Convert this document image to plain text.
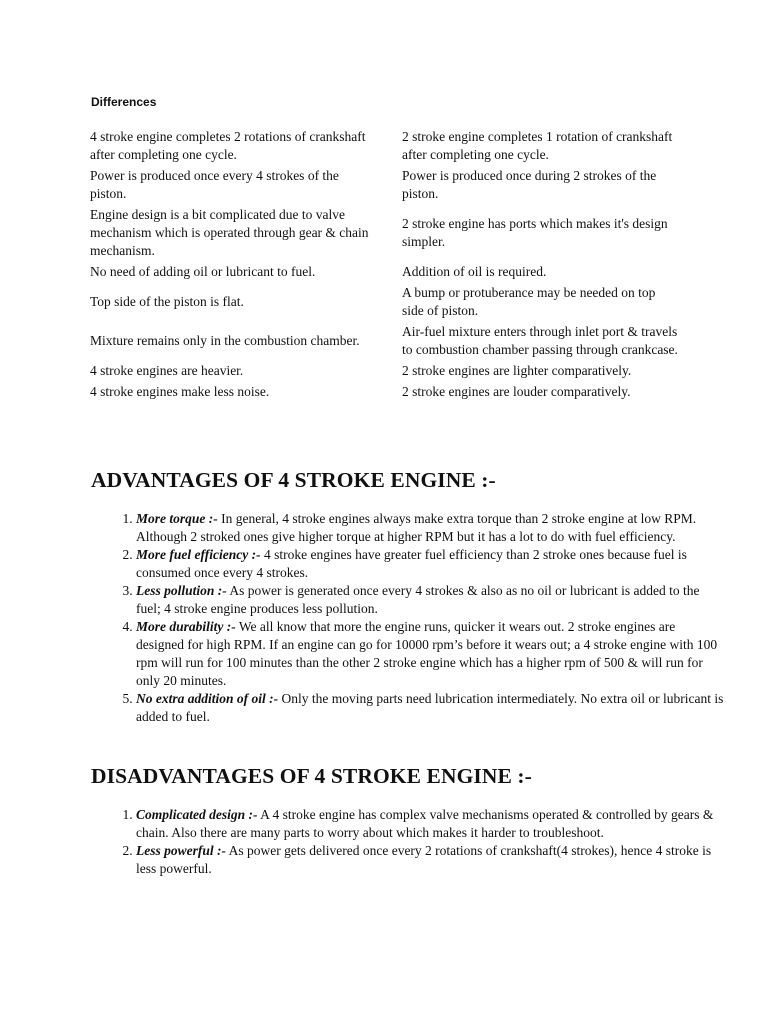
Differences
4 stroke engine completes 2 rotations of crankshaft after completing one cycle.	2 stroke engine completes 1 rotation of crankshaft after completing one cycle.
Power is produced once every 4 strokes of the piston.	Power is produced once during 2 strokes of the piston.
Engine design is a bit complicated due to valve mechanism which is operated through gear & chain mechanism.	2 stroke engine has ports which makes it's design simpler.
No need of adding oil or lubricant to fuel.	Addition of oil is required.
Top side of the piston is flat.	A bump or protuberance may be needed on top side of piston.
Mixture remains only in the combustion chamber.	Air-fuel mixture enters through inlet port & travels to combustion chamber passing through crankcase.
4 stroke engines are heavier.	2 stroke engines are lighter comparatively.
4 stroke engines make less noise.	2 stroke engines are louder comparatively.
ADVANTAGES OF 4 STROKE ENGINE :-
1. More torque :- In general, 4 stroke engines always make extra torque than 2 stroke engine at low RPM. Although 2 stroked ones give higher torque at higher RPM but it has a lot to do with fuel efficiency.
2. More fuel efficiency :- 4 stroke engines have greater fuel efficiency than 2 stroke ones because fuel is consumed once every 4 strokes.
3. Less pollution :- As power is generated once every 4 strokes & also as no oil or lubricant is added to the fuel; 4 stroke engine produces less pollution.
4. More durability :- We all know that more the engine runs, quicker it wears out. 2 stroke engines are designed for high RPM. If an engine can go for 10000 rpm’s before it wears out; a 4 stroke engine with 100 rpm will run for 100 minutes than the other 2 stroke engine which has a higher rpm of 500 & will run for only 20 minutes.
5. No extra addition of oil :- Only the moving parts need lubrication intermediately. No extra oil or lubricant is added to fuel.
DISADVANTAGES OF 4 STROKE ENGINE :-
1. Complicated design :- A 4 stroke engine has complex valve mechanisms operated & controlled by gears & chain. Also there are many parts to worry about which makes it harder to troubleshoot.
2. Less powerful :- As power gets delivered once every 2 rotations of crankshaft(4 strokes), hence 4 stroke is less powerful.
